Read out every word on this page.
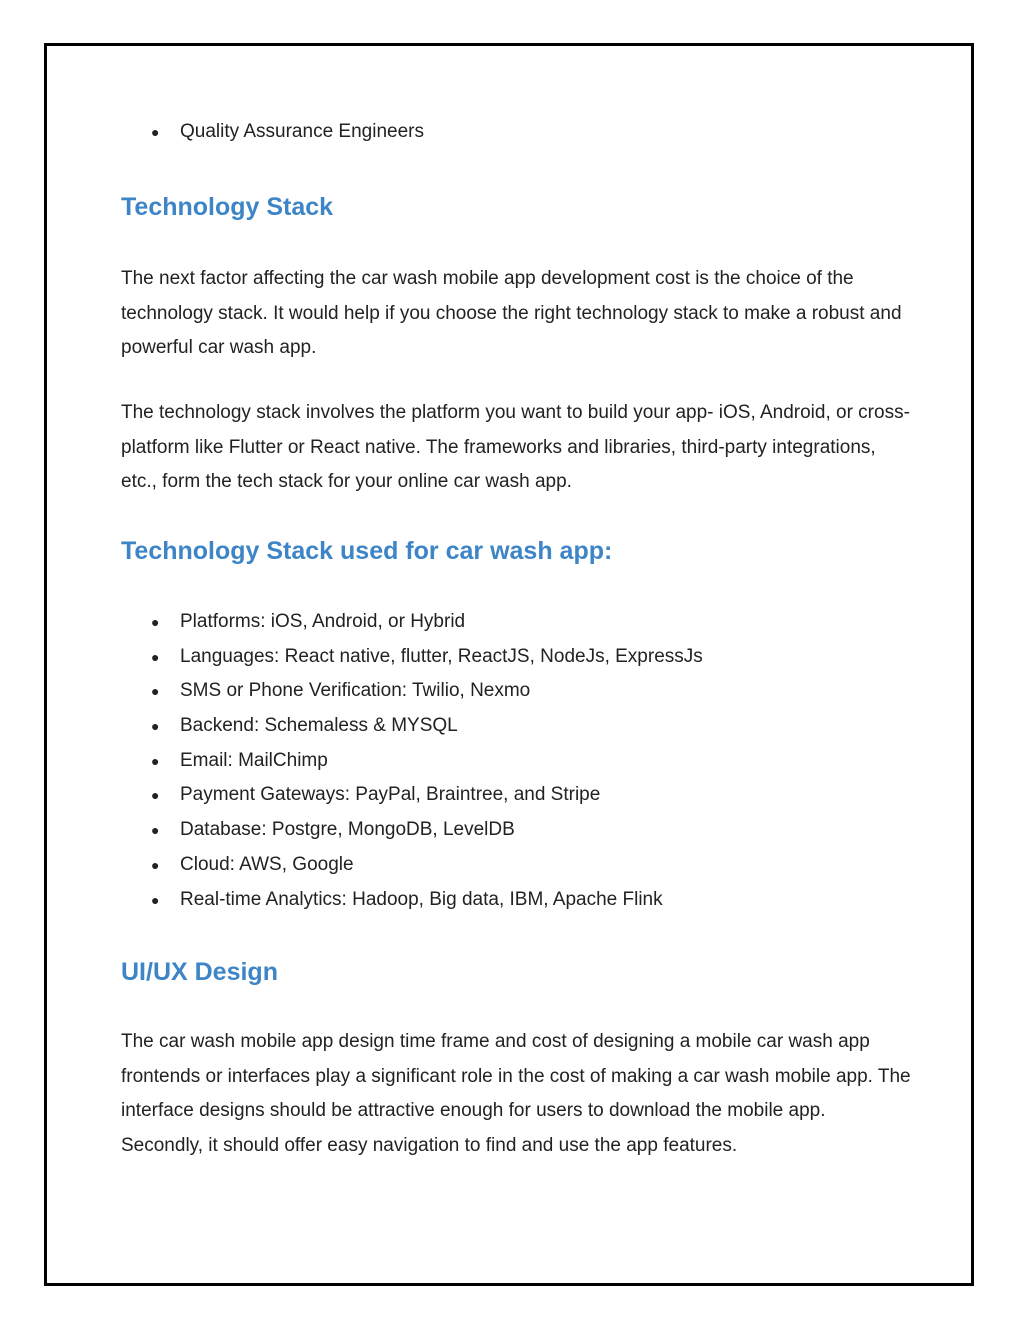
● Quality Assurance Engineers
Technology Stack

The next factor affecting the car wash mobile app development cost is the choice of the technology stack. It would help if you choose the right technology stack to make a robust and powerful car wash app.

The technology stack involves the platform you want to build your app- iOS, Android, or cross-platform like Flutter or React native. The frameworks and libraries, third-party integrations, etc., form the tech stack for your online car wash app.

Technology Stack used for car wash app:
● Platforms: iOS, Android, or Hybrid
● Languages: React native, flutter, ReactJS, NodeJs, ExpressJs
● SMS or Phone Verification: Twilio, Nexmo
● Backend: Schemaless & MYSQL
● Email: MailChimp
● Payment Gateways: PayPal, Braintree, and Stripe
● Database: Postgre, MongoDB, LevelDB
● Cloud: AWS, Google
● Real-time Analytics: Hadoop, Big data, IBM, Apache Flink
UI/UX Design

The car wash mobile app design time frame and cost of designing a mobile car wash app frontends or interfaces play a significant role in the cost of making a car wash mobile app. The interface designs should be attractive enough for users to download the mobile app. Secondly, it should offer easy navigation to find and use the app features.
